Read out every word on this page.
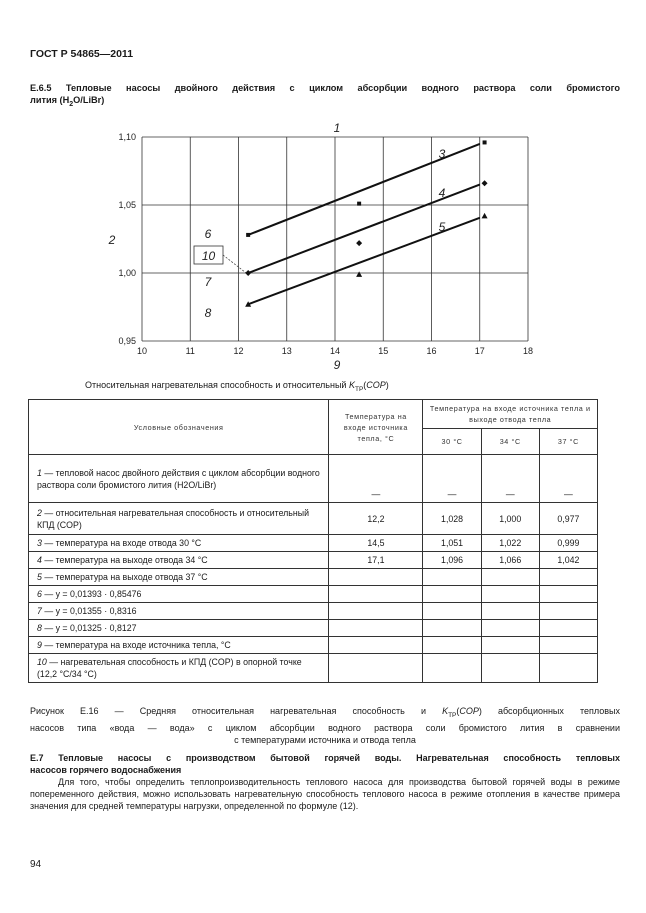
ГОСТ Р 54865—2011
Е.6.5 Тепловые насосы двойного действия с циклом абсорбции водного раствора соли бромистого
лития $(H_2O/LiBr)$
10	11	12	13	14	15	16	17	18
0,95
1,00
1,05
1,10
1
2
3
4
5
6
7
8
9
10
Относительная нагревательная способность и относительный $K_{TP}(COP)$
Условные обозначения	Температура на входе источника тепла, °С	Температура на входе источника тепла и выходе отвода тепла		
		30 °С	34 °С	37 °С
1 — тепловой насос двойного действия с циклом абсорбции водного раствора соли бромистого лития (H2O/LiBr)	—	—	—	—
2 — относительная нагревательная способность и относительный КПД (COP)	12,2	1,028	1,000	0,977
3 — температура на входе отвода 30 °С	14,5	1,051	1,022	0,999
4 — температура на выходе отвода 34 °С	17,1	1,096	1,066	1,042
5 — температура на выходе отвода 37 °С				
6 — y = 0,01393 · 0,85476				
7 — y = 0,01355 · 0,8316				
8 — y = 0,01325 · 0,8127				
9 — температура на входе источника тепла, °С				
10 — нагревательная способность и КПД (COP) в опорной точке (12,2 °С/34 °С)				
Рисунок Е.16 — Средняя относительная нагревательная способность и $K_{TP}(COP)$ абсорбционных тепловых
насосов типа «вода — вода» с циклом абсорбции водного раствора соли бромистого лития в сравнении
с температурами источника и отвода тепла

Е.7 Тепловые насосы с производством бытовой горячей воды. Нагревательная способность тепловых

насосов горячего водоснабжения

Для того, чтобы определить теплопроизводительность теплового насоса для производства бытовой горячей воды в режиме попеременного действия, можно использовать нагревательную способность теплового насоса в режиме отопления в качестве примера значения для средней температуры нагрузки, определенной по формуле (12).

94
